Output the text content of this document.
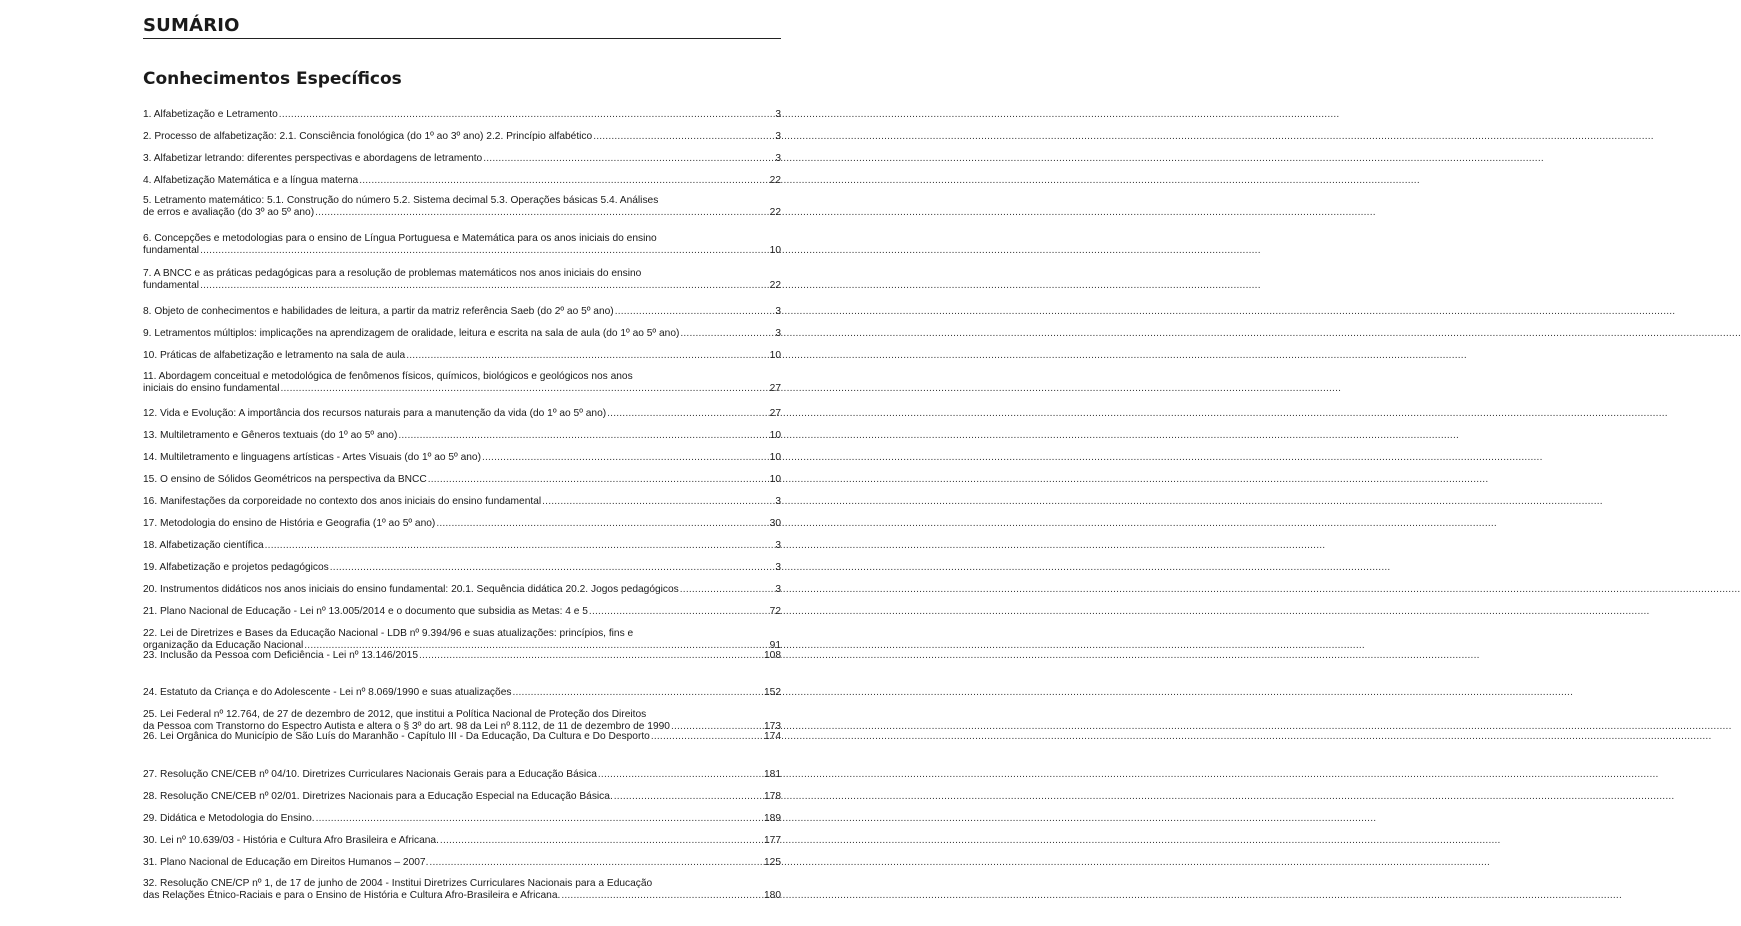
SUMÁRIO
Conhecimentos Específicos
1. Alfabetização e Letramento .....	3
2. Processo de alfabetização: 2.1. Consciência fonológica (do 1º ao 3º ano) 2.2. Princípio alfabético .....	3
3. Alfabetizar letrando: diferentes perspectivas e abordagens de letramento .....	3
4. Alfabetização Matemática e a língua materna .....	22
5. Letramento matemático: 5.1. Construção do número 5.2. Sistema decimal 5.3. Operações básicas 5.4. Análises
de erros e avaliação (do 3º ao 5º ano) .....	22
6. Concepções e metodologias para o ensino de Língua Portuguesa e Matemática para os anos iniciais do ensino
fundamental .....	10
7. A BNCC e as práticas pedagógicas para a resolução de problemas matemáticos nos anos iniciais do ensino
fundamental .....	22
8. Objeto de conhecimentos e habilidades de leitura, a partir da matriz referência Saeb (do 2º ao 5º ano) .....	3
9. Letramentos múltiplos: implicações na aprendizagem de oralidade, leitura e escrita na sala de aula (do 1º ao 5º ano) .....	3
10. Práticas de alfabetização e letramento na sala de aula .....	10
11. Abordagem conceitual e metodológica de fenômenos físicos, químicos, biológicos e geológicos nos anos
iniciais do ensino fundamental .....	27
12. Vida e Evolução: A importância dos recursos naturais para a manutenção da vida (do 1º ao 5º ano) .....	27
13. Multiletramento e Gêneros textuais (do 1º ao 5º ano) .....	10
14. Multiletramento e linguagens artísticas - Artes Visuais (do 1º ao 5º ano) .....	10
15. O ensino de Sólidos Geométricos na perspectiva da BNCC .....	10
16. Manifestações da corporeidade no contexto dos anos iniciais do ensino fundamental .....	3
17. Metodologia do ensino de História e Geografia (1º ao 5º ano) .....	30
18. Alfabetização científica .....	3
19. Alfabetização e projetos pedagógicos .....	3
20. Instrumentos didáticos nos anos iniciais do ensino fundamental: 20.1. Sequência didática 20.2. Jogos pedagógicos .....	3
21. Plano Nacional de Educação - Lei nº 13.005/2014 e o documento que subsidia as Metas: 4 e 5 .....	72
22. Lei de Diretrizes e Bases da Educação Nacional - LDB nº 9.394/96 e suas atualizações: princípios, fins e
organização da Educação Nacional .....	91
23. Inclusão da Pessoa com Deficiência - Lei nº 13.146/2015 .....	108
24. Estatuto da Criança e do Adolescente - Lei nº 8.069/1990 e suas atualizações .....	152
25. Lei Federal nº 12.764, de 27 de dezembro de 2012, que institui a Política Nacional de Proteção dos Direitos
da Pessoa com Transtorno do Espectro Autista e altera o § 3º do art. 98 da Lei nº 8.112, de 11 de dezembro de 1990 .....	173
26. Lei Orgânica do Município de São Luís do Maranhão - Capítulo III - Da Educação, Da Cultura e Do Desporto .....	174
27. Resolução CNE/CEB nº 04/10. Diretrizes Curriculares Nacionais Gerais para a Educação Básica .....	181
28. Resolução CNE/CEB nº 02/01. Diretrizes Nacionais para a Educação Especial na Educação Básica. .....	178
29. Didática e Metodologia do Ensino. .....	189
30. Lei nº 10.639/03 - História e Cultura Afro Brasileira e Africana. .....	177
31. Plano Nacional de Educação em Direitos Humanos – 2007. .....	125
32. Resolução CNE/CP nº 1, de 17 de junho de 2004 - Institui Diretrizes Curriculares Nacionais para a Educação
das Relações Étnico-Raciais e para o Ensino de História e Cultura Afro-Brasileira e Africana. .....	180
